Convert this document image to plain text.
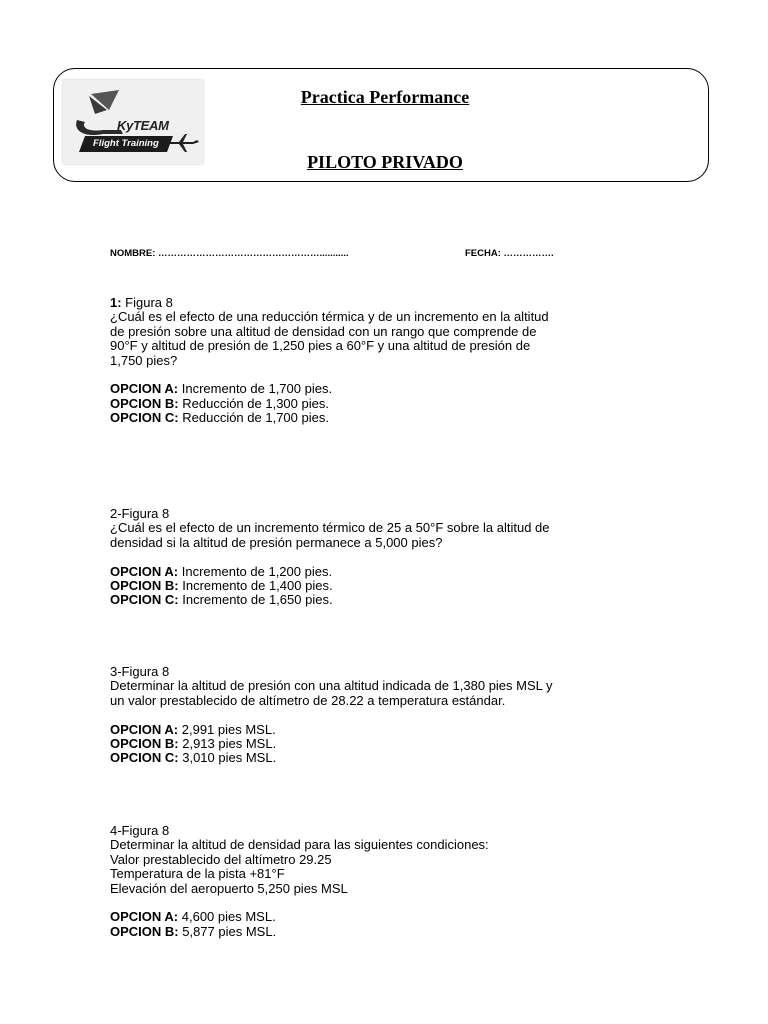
KyTEAM
Flight Training
Practica Performance
PILOTO PRIVADO
NOMBRE: ……………………………………………...........	FECHA: …………….
1: Figura 8
¿Cuál es el efecto de una reducción térmica y de un incremento en la altitud
de presión sobre una altitud de densidad con un rango que comprende de
90°F y altitud de presión de 1,250 pies a 60°F y una altitud de presión de
1,750 pies?
OPCION A: Incremento de 1,700 pies.
OPCION B: Reducción de 1,300 pies.
OPCION C: Reducción de 1,700 pies.
2-Figura 8
¿Cuál es el efecto de un incremento térmico de 25 a 50°F sobre la altitud de
densidad si la altitud de presión permanece a 5,000 pies?
OPCION A: Incremento de 1,200 pies.
OPCION B: Incremento de 1,400 pies.
OPCION C: Incremento de 1,650 pies.
3-Figura 8
Determinar la altitud de presión con una altitud indicada de 1,380 pies MSL y
un valor prestablecido de altímetro de 28.22 a temperatura estándar.
OPCION A: 2,991 pies MSL.
OPCION B: 2,913 pies MSL.
OPCION C: 3,010 pies MSL.
4-Figura 8
Determinar la altitud de densidad para las siguientes condiciones:
Valor prestablecido del altímetro 29.25
Temperatura de la pista +81°F
Elevación del aeropuerto 5,250 pies MSL
OPCION A: 4,600 pies MSL.
OPCION B: 5,877 pies MSL.
